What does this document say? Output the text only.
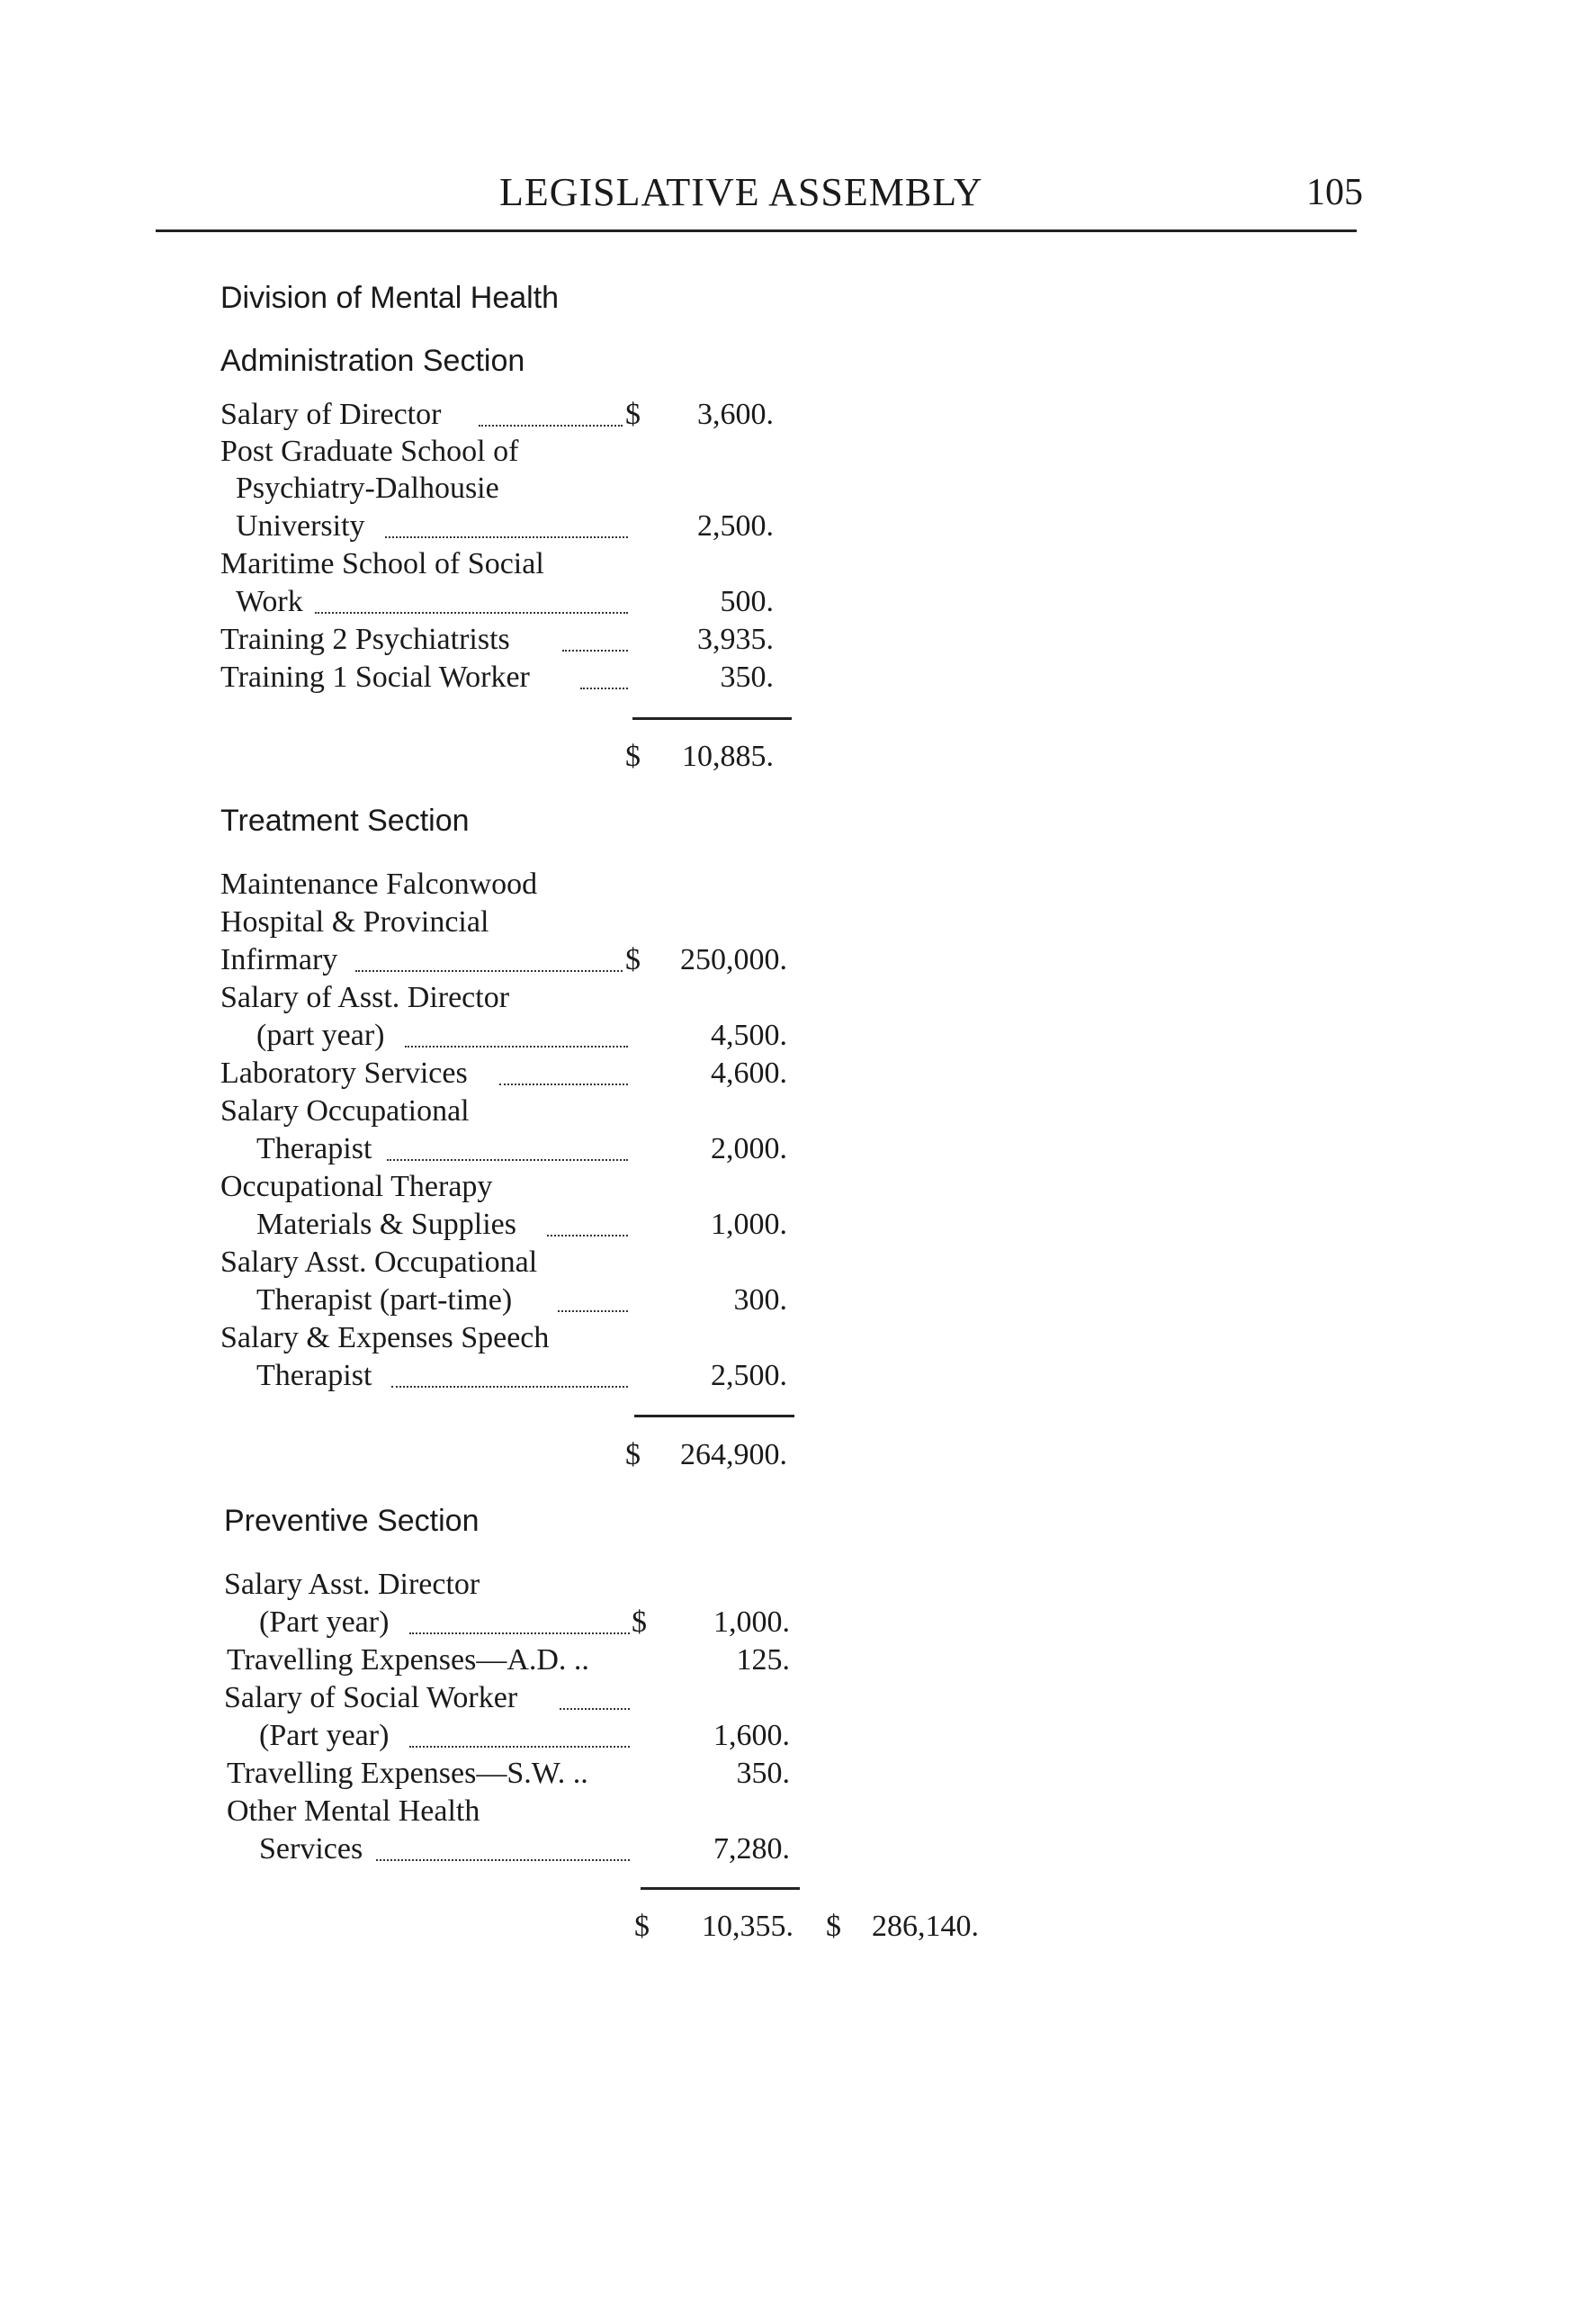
LEGISLATIVE ASSEMBLY	105
Division of Mental Health
Administration Section
Salary of Director	$	3,600.
Post Graduate School of
Psychiatry-Dalhousie
University	2,500.
Maritime School of Social
Work	500.
Training 2 Psychiatrists	3,935.
Training 1 Social Worker	350.
$	10,885.
Treatment Section
Maintenance Falconwood
Hospital & Provincial
Infirmary	$	250,000.
Salary of Asst. Director
(part year)	4,500.
Laboratory Services	4,600.
Salary Occupational
Therapist	2,000.
Occupational Therapy
Materials & Supplies	1,000.
Salary Asst. Occupational
Therapist (part-time)	300.
Salary & Expenses Speech
Therapist	2,500.
$	264,900.
Preventive Section
Salary Asst. Director
(Part year)	$	1,000.
Travelling Expenses—A.D. ..	125.
Salary of Social Worker
(Part year)	1,600.
Travelling Expenses—S.W. ..	350.
Other Mental Health
Services	7,280.
$	10,355. $	286,140.
